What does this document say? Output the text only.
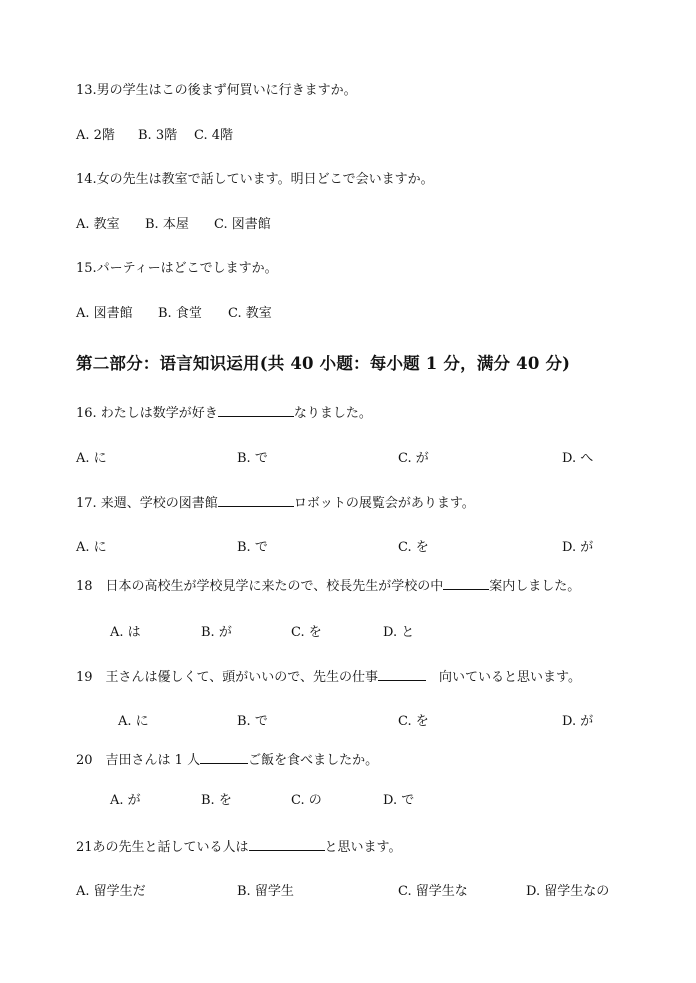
13.男の学生はこの後まず何買いに行きますか。
A. 2階 B. 3階 C. 4階
14.女の先生は教室で話しています。明日どこで会いますか。
A. 教室 B. 本屋 C. 図書館
15.パーティーはどこでしますか。
A. 図書館 B. 食堂 C. 教室
第二部分：语言知识运用(共 40 小题：每小题 1 分，满分 40 分)
16. わたしは数学が好き	なりました。
A. に	B. で	C. が	D. へ
17. 来週、学校の図書館	ロボットの展覧会があります。
A. に	B. で	C. を	D. が
18　日本の高校生が学校見学に来たので、校長先生が学校の中	案内しました。
A. は	B. が	C. を	D. と
19　王さんは優しくて、頭がいいので、先生の仕事	　向いていると思います。
A. に	B. で	C. を	D. が
20　吉田さんは 1 人	ご飯を食べましたか。
A. が	B. を	C. の	D. で
21あの先生と話している人は	と思います。
A. 留学生だ	B. 留学生	C. 留学生な	D. 留学生なの
